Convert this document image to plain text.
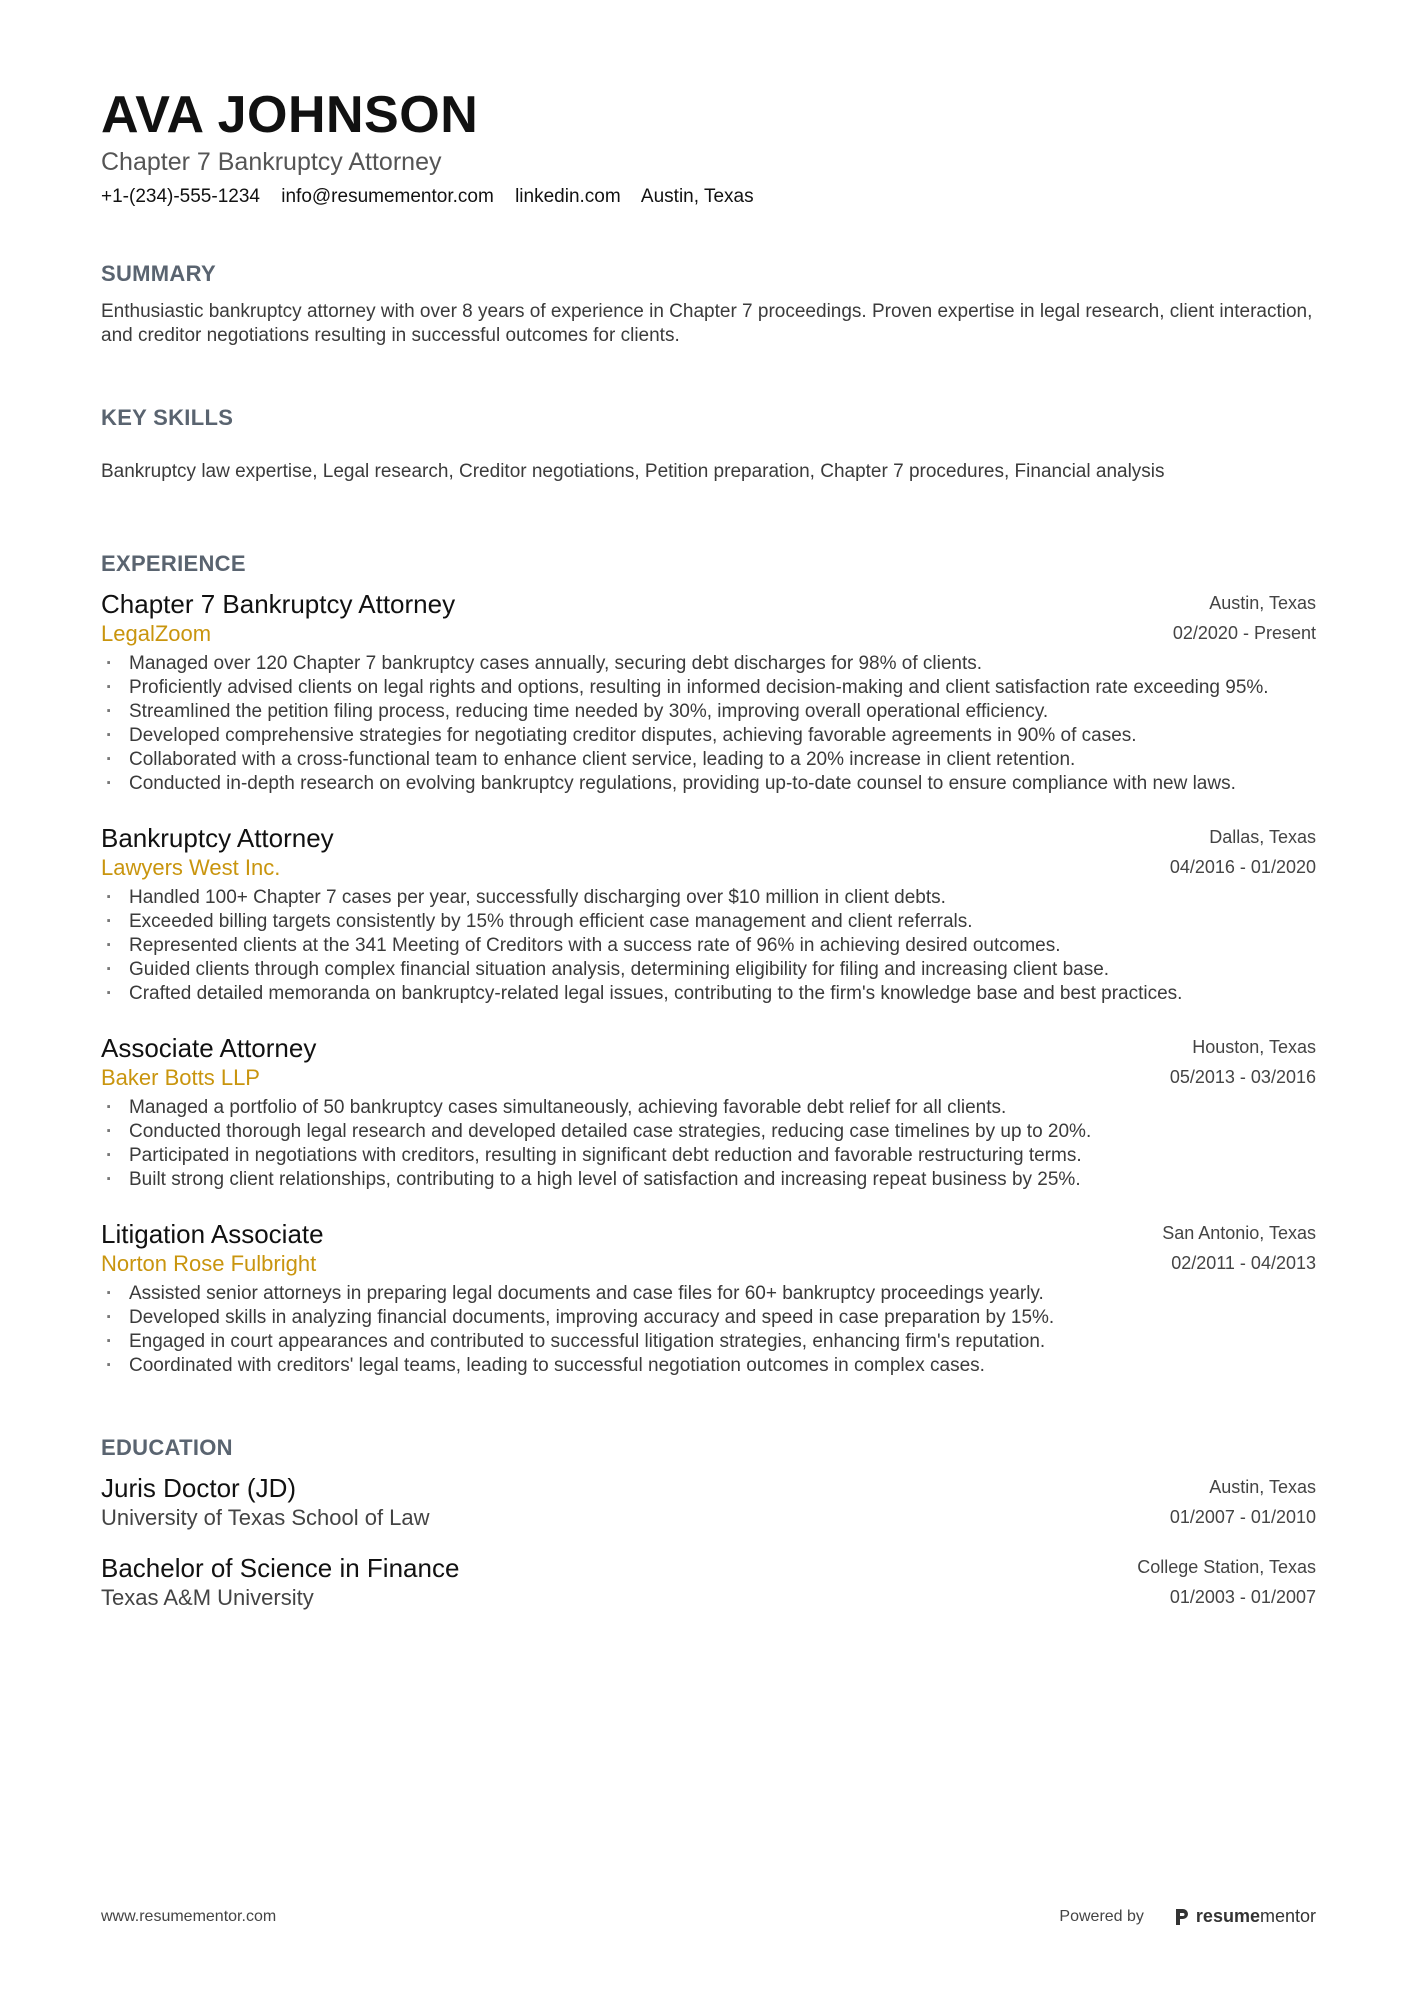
AVA JOHNSON
Chapter 7 Bankruptcy Attorney
+1-(234)-555-1234 info@resumementor.com linkedin.com Austin, Texas
SUMMARY

Enthusiastic bankruptcy attorney with over 8 years of experience in Chapter 7 proceedings. Proven expertise in legal research, client interaction, and creditor negotiations resulting in successful outcomes for clients.

KEY SKILLS

Bankruptcy law expertise, Legal research, Creditor negotiations, Petition preparation, Chapter 7 procedures, Financial analysis

EXPERIENCE
Chapter 7 Bankruptcy Attorney
LegalZoom
Austin, Texas
02/2020 - Present
· Managed over 120 Chapter 7 bankruptcy cases annually, securing debt discharges for 98% of clients.
· Proficiently advised clients on legal rights and options, resulting in informed decision-making and client satisfaction rate exceeding 95%.
· Streamlined the petition filing process, reducing time needed by 30%, improving overall operational efficiency.
· Developed comprehensive strategies for negotiating creditor disputes, achieving favorable agreements in 90% of cases.
· Collaborated with a cross-functional team to enhance client service, leading to a 20% increase in client retention.
· Conducted in-depth research on evolving bankruptcy regulations, providing up-to-date counsel to ensure compliance with new laws.
Bankruptcy Attorney
Lawyers West Inc.
Dallas, Texas
04/2016 - 01/2020
· Handled 100+ Chapter 7 cases per year, successfully discharging over $10 million in client debts.
· Exceeded billing targets consistently by 15% through efficient case management and client referrals.
· Represented clients at the 341 Meeting of Creditors with a success rate of 96% in achieving desired outcomes.
· Guided clients through complex financial situation analysis, determining eligibility for filing and increasing client base.
· Crafted detailed memoranda on bankruptcy-related legal issues, contributing to the firm's knowledge base and best practices.
Associate Attorney
Baker Botts LLP
Houston, Texas
05/2013 - 03/2016
· Managed a portfolio of 50 bankruptcy cases simultaneously, achieving favorable debt relief for all clients.
· Conducted thorough legal research and developed detailed case strategies, reducing case timelines by up to 20%.
· Participated in negotiations with creditors, resulting in significant debt reduction and favorable restructuring terms.
· Built strong client relationships, contributing to a high level of satisfaction and increasing repeat business by 25%.
Litigation Associate
Norton Rose Fulbright
San Antonio, Texas
02/2011 - 04/2013
· Assisted senior attorneys in preparing legal documents and case files for 60+ bankruptcy proceedings yearly.
· Developed skills in analyzing financial documents, improving accuracy and speed in case preparation by 15%.
· Engaged in court appearances and contributed to successful litigation strategies, enhancing firm's reputation.
· Coordinated with creditors' legal teams, leading to successful negotiation outcomes in complex cases.
EDUCATION
Juris Doctor (JD)
University of Texas School of Law
Austin, Texas
01/2007 - 01/2010
Bachelor of Science in Finance
Texas A&M University
College Station, Texas
01/2003 - 01/2007
www.resumementor.com	Powered by	resumementor
